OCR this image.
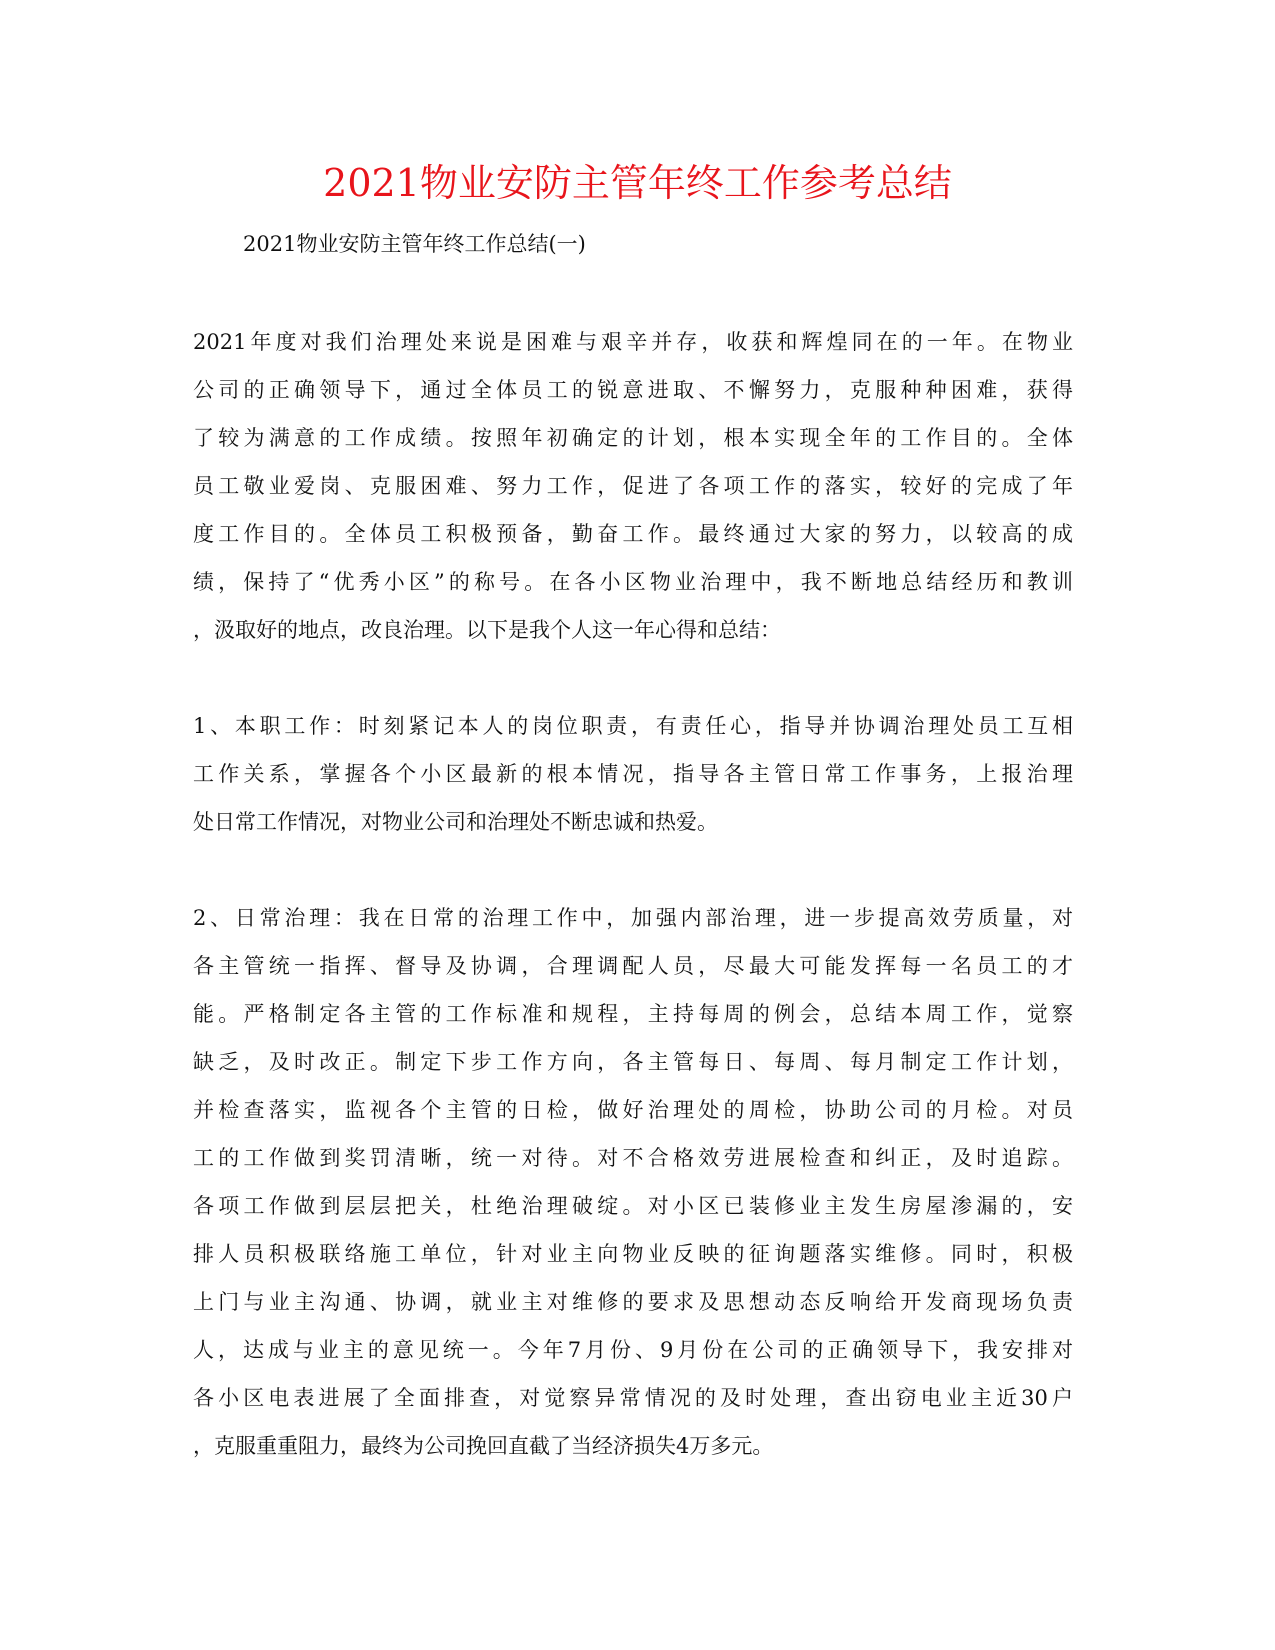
2021物业安防主管年终工作参考总结

2021物业安防主管年终工作总结(一)

2021年度对我们治理处来说是困难与艰辛并存，收获和辉煌同在的一年。在物业
公司的正确领导下，通过全体员工的锐意进取、不懈努力，克服种种困难，获得
了较为满意的工作成绩。按照年初确定的计划，根本实现全年的工作目的。全体
员工敬业爱岗、克服困难、努力工作，促进了各项工作的落实，较好的完成了年
度工作目的。全体员工积极预备，勤奋工作。最终通过大家的努力，以较高的成
绩，保持了“优秀小区”的称号。在各小区物业治理中，我不断地总结经历和教训
，汲取好的地点，改良治理。以下是我个人这一年心得和总结：
1、本职工作：时刻紧记本人的岗位职责，有责任心，指导并协调治理处员工互相
工作关系，掌握各个小区最新的根本情况，指导各主管日常工作事务，上报治理
处日常工作情况，对物业公司和治理处不断忠诚和热爱。
2、日常治理：我在日常的治理工作中，加强内部治理，进一步提高效劳质量，对
各主管统一指挥、督导及协调，合理调配人员，尽最大可能发挥每一名员工的才
能。严格制定各主管的工作标准和规程，主持每周的例会，总结本周工作，觉察
缺乏，及时改正。制定下步工作方向，各主管每日、每周、每月制定工作计划，
并检查落实，监视各个主管的日检，做好治理处的周检，协助公司的月检。对员
工的工作做到奖罚清晰，统一对待。对不合格效劳进展检查和纠正，及时追踪。
各项工作做到层层把关，杜绝治理破绽。对小区已装修业主发生房屋渗漏的，安
排人员积极联络施工单位，针对业主向物业反映的征询题落实维修。同时，积极
上门与业主沟通、协调，就业主对维修的要求及思想动态反响给开发商现场负责
人，达成与业主的意见统一。今年7月份、9月份在公司的正确领导下，我安排对
各小区电表进展了全面排查，对觉察异常情况的及时处理，查出窃电业主近30户
，克服重重阻力，最终为公司挽回直截了当经济损失4万多元。
